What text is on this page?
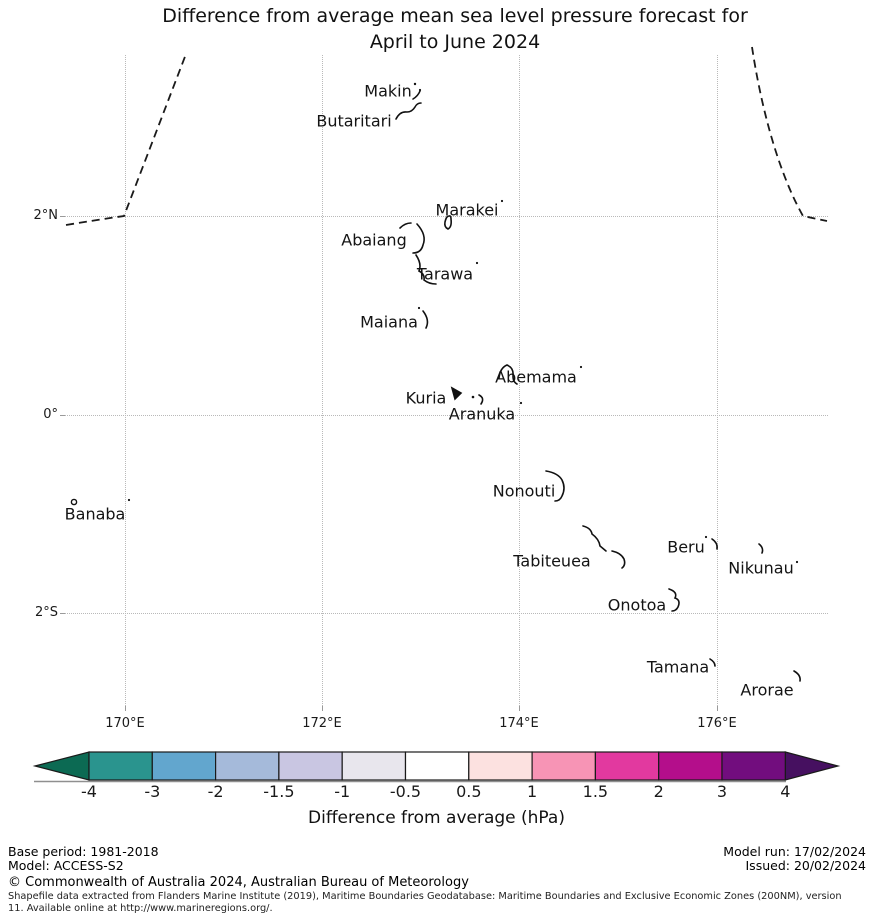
Difference from average mean sea level pressure forecast for
April to June 2024
170°E	172°E	174°E	176°E
2°N
0°
2°S
Makin
Butaritari
Marakei
Abaiang
Tarawa
Maiana
Abemama
Kuria
Aranuka
Nonouti
Banaba
Tabiteuea
Beru
Nikunau
Onotoa
Tamana
Arorae
Difference from average (hPa)
Base period: 1981-2018
Model: ACCESS-S2
Model run: 17/02/2024
Issued: 20/02/2024
© Commonwealth of Australia 2024, Australian Bureau of Meteorology
Shapefile data extracted from Flanders Marine Institute (2019), Maritime Boundaries Geodatabase: Maritime Boundaries and Exclusive Economic Zones (200NM), version 11. Available online at http://www.marineregions.org/.
-4	-3	-2 -1.5 -1 -0.5 0.5	1	1.5	2	3	4
